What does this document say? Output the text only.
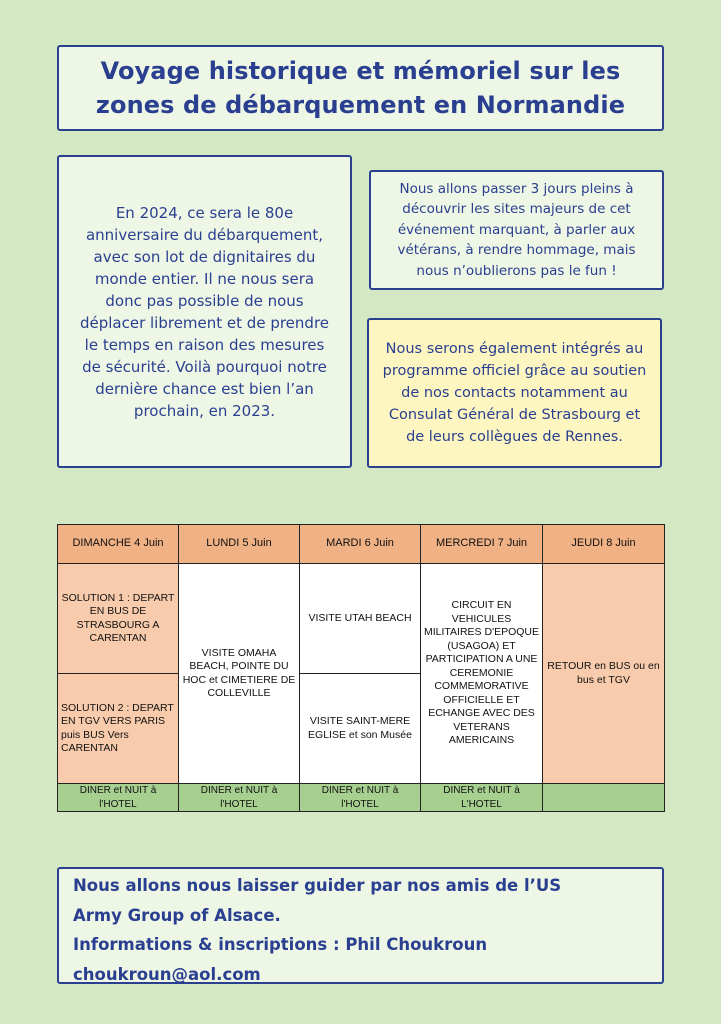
Voyage historique et mémoriel sur les
zones de débarquement en Normandie

En 2024, ce sera le 80e anniversaire du débarquement, avec son lot de dignitaires du monde entier. Il ne nous sera donc pas possible de nous déplacer librement et de prendre le temps en raison des mesures de sécurité. Voilà pourquoi notre dernière chance est bien l’an prochain, en 2023.

Nous allons passer 3 jours pleins à découvrir les sites majeurs de cet événement marquant, à parler aux vétérans, à rendre hommage, mais nous n’oublierons pas le fun !

Nous serons également intégrés au programme officiel grâce au soutien de nos contacts notamment au Consulat Général de Strasbourg et de leurs collègues de Rennes.

DIMANCHE 4 Juin	LUNDI 5 Juin	MARDI 6 Juin	MERCREDI 7 Juin	JEUDI 8 Juin
SOLUTION 1 : DEPART EN BUS DE STRASBOURG A CARENTAN	VISITE OMAHA BEACH, POINTE DU HOC et CIMETIERE DE COLLEVILLE	VISITE UTAH BEACH	CIRCUIT EN VEHICULES MILITAIRES D'EPOQUE (USAGOA) ET PARTICIPATION A UNE CEREMONIE COMMEMORATIVE OFFICIELLE ET ECHANGE AVEC DES VETERANS AMERICAINS	RETOUR en BUS ou en bus et TGV
SOLUTION 2 : DEPART EN TGV VERS PARIS puis BUS Vers CARENTAN		VISITE SAINT-MERE EGLISE et son Musée		
DINER et NUIT à l'HOTEL	DINER et NUIT à l'HOTEL	DINER et NUIT à l'HOTEL	DINER et NUIT à L'HOTEL	
Nous allons nous laisser guider par nos amis de l’US
Army Group of Alsace.
Informations & inscriptions : Phil Choukroun
choukroun@aol.com
